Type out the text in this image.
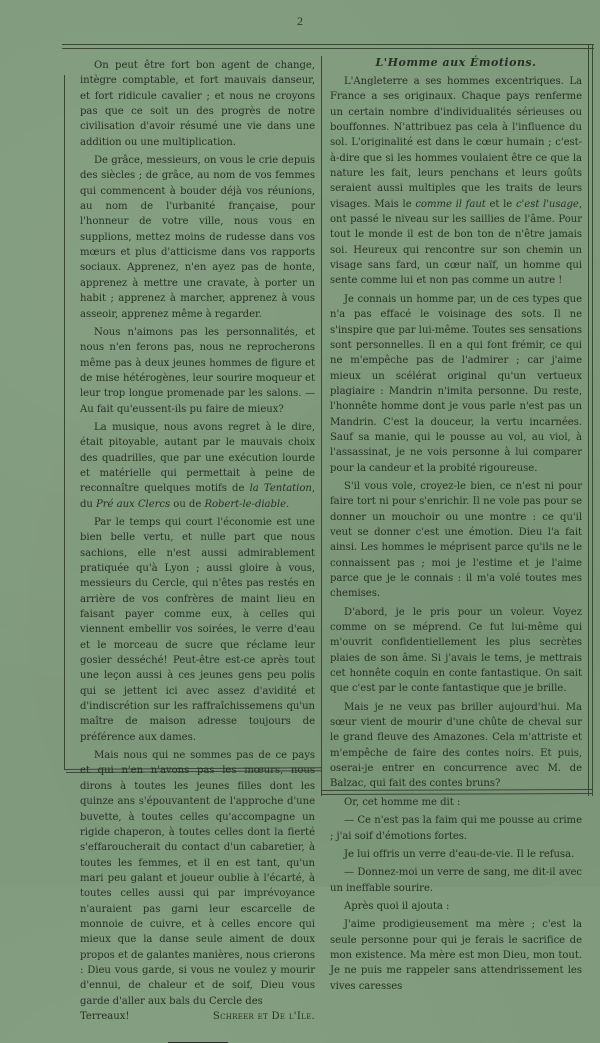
2

On peut être fort bon agent de change, intègre comptable, et fort mauvais danseur, et fort ridicule cavalier ; et nous ne croyons pas que ce soit un des progrès de notre civilisation d'avoir résumé une vie dans une addition ou une multiplication.

De grâce, messieurs, on vous le crie depuis des siècles ; de grâce, au nom de vos femmes qui commencent à bouder déjà vos réunions, au nom de l'urbanité française, pour l'honneur de votre ville, nous vous en supplions, mettez moins de rudesse dans vos mœurs et plus d'atticisme dans vos rapports sociaux. Apprenez, n'en ayez pas de honte, apprenez à mettre une cravate, à porter un habit ; apprenez à marcher, apprenez à vous asseoir, apprenez même à regarder.

Nous n'aimons pas les personnalités, et nous n'en ferons pas, nous ne reprocherons même pas à deux jeunes hommes de figure et de mise hétérogènes, leur sourire moqueur et leur trop longue promenade par les salons. — Au fait qu'eussent-ils pu faire de mieux?

La musique, nous avons regret à le dire, était pitoyable, autant par le mauvais choix des quadrilles, que par une exécution lourde et matérielle qui permettait à peine de reconnaître quelques motifs de la Tentation, du Pré aux Clercs ou de Robert-le-diable.

Par le temps qui court l'économie est une bien belle vertu, et nulle part que nous sachions, elle n'est aussi admirablement pratiquée qu'à Lyon ; aussi gloire à vous, messieurs du Cercle, qui n'êtes pas restés en arrière de vos confrères de maint lieu en faisant payer comme eux, à celles qui viennent embellir vos soirées, le verre d'eau et le morceau de sucre que réclame leur gosier desséché! Peut-être est-ce après tout une leçon aussi à ces jeunes gens peu polis qui se jettent ici avec assez d'avidité et d'indiscrétion sur les raffraîchissemens qu'un maître de maison adresse toujours de préférence aux dames.

Mais nous qui ne sommes pas de ce pays et qui n'en n'avons pas les mœurs, nous dirons à toutes les jeunes filles dont les quinze ans s'épouvantent de l'approche d'une buvette, à toutes celles qu'accompagne un rigide chaperon, à toutes celles dont la fierté s'effaroucherait du contact d'un cabaretier, à toutes les femmes, et il en est tant, qu'un mari peu galant et joueur oublie à l'écarté, à toutes celles aussi qui par imprévoyance n'auraient pas garni leur escarcelle de monnoie de cuivre, et à celles encore qui mieux que la danse seule aiment de doux propos et de galantes manières, nous crierons : Dieu vous garde, si vous ne voulez y mourir d'ennui, de chaleur et de soif, Dieu vous garde d'aller aux bals du Cercle des

Terreaux!	Schreer et De l'Ile.
L'Homme aux Émotions.

L'Angleterre a ses hommes excentriques. La France a ses originaux. Chaque pays renferme un certain nombre d'individualités sérieuses ou bouffonnes. N'attribuez pas cela à l'influence du sol. L'originalité est dans le cœur humain ; c'est-à-dire que si les hommes voulaient être ce que la nature les fait, leurs penchans et leurs goûts seraient aussi multiples que les traits de leurs visages. Mais le comme il faut et le c'est l'usage, ont passé le niveau sur les saillies de l'âme. Pour tout le monde il est de bon ton de n'être jamais soi. Heureux qui rencontre sur son chemin un visage sans fard, un cœur naïf, un homme qui sente comme lui et non pas comme un autre !

Je connais un homme par, un de ces types que n'a pas effacé le voisinage des sots. Il ne s'inspire que par lui-même. Toutes ses sensations sont personnelles. Il en a qui font frémir, ce qui ne m'empêche pas de l'admirer ; car j'aime mieux un scélérat original qu'un vertueux plagiaire : Mandrin n'imita personne. Du reste, l'honnête homme dont je vous parle n'est pas un Mandrin. C'est la douceur, la vertu incarnées. Sauf sa manie, qui le pousse au vol, au viol, à l'assassinat, je ne vois personne à lui comparer pour la candeur et la probité rigoureuse.

S'il vous vole, croyez-le bien, ce n'est ni pour faire tort ni pour s'enrichir. Il ne vole pas pour se donner un mouchoir ou une montre : ce qu'il veut se donner c'est une émotion. Dieu l'a fait ainsi. Les hommes le méprisent parce qu'ils ne le connaissent pas ; moi je l'estime et je l'aime parce que je le connais : il m'a volé toutes mes chemises.

D'abord, je le pris pour un voleur. Voyez comme on se méprend. Ce fut lui-même qui m'ouvrit confidentiellement les plus secrètes plaies de son âme. Si j'avais le tems, je mettrais cet honnête coquin en conte fantastique. On sait que c'est par le conte fantastique que je brille.

Mais je ne veux pas briller aujourd'hui. Ma sœur vient de mourir d'une chûte de cheval sur le grand fleuve des Amazones. Cela m'attriste et m'empêche de faire des contes noirs. Et puis, oserai-je entrer en concurrence avec M. de Balzac, qui fait des contes bruns?

Or, cet homme me dit :

— Ce n'est pas la faim qui me pousse au crime ; j'ai soif d'émotions fortes.

Je lui offris un verre d'eau-de-vie. Il le refusa.

— Donnez-moi un verre de sang, me dit-il avec un ineffable sourire.

Après quoi il ajouta :

J'aime prodigieusement ma mère ; c'est la seule personne pour qui je ferais le sacrifice de mon existence. Ma mère est mon Dieu, mon tout. Je ne puis me rappeler sans attendrissement les vives caresses
